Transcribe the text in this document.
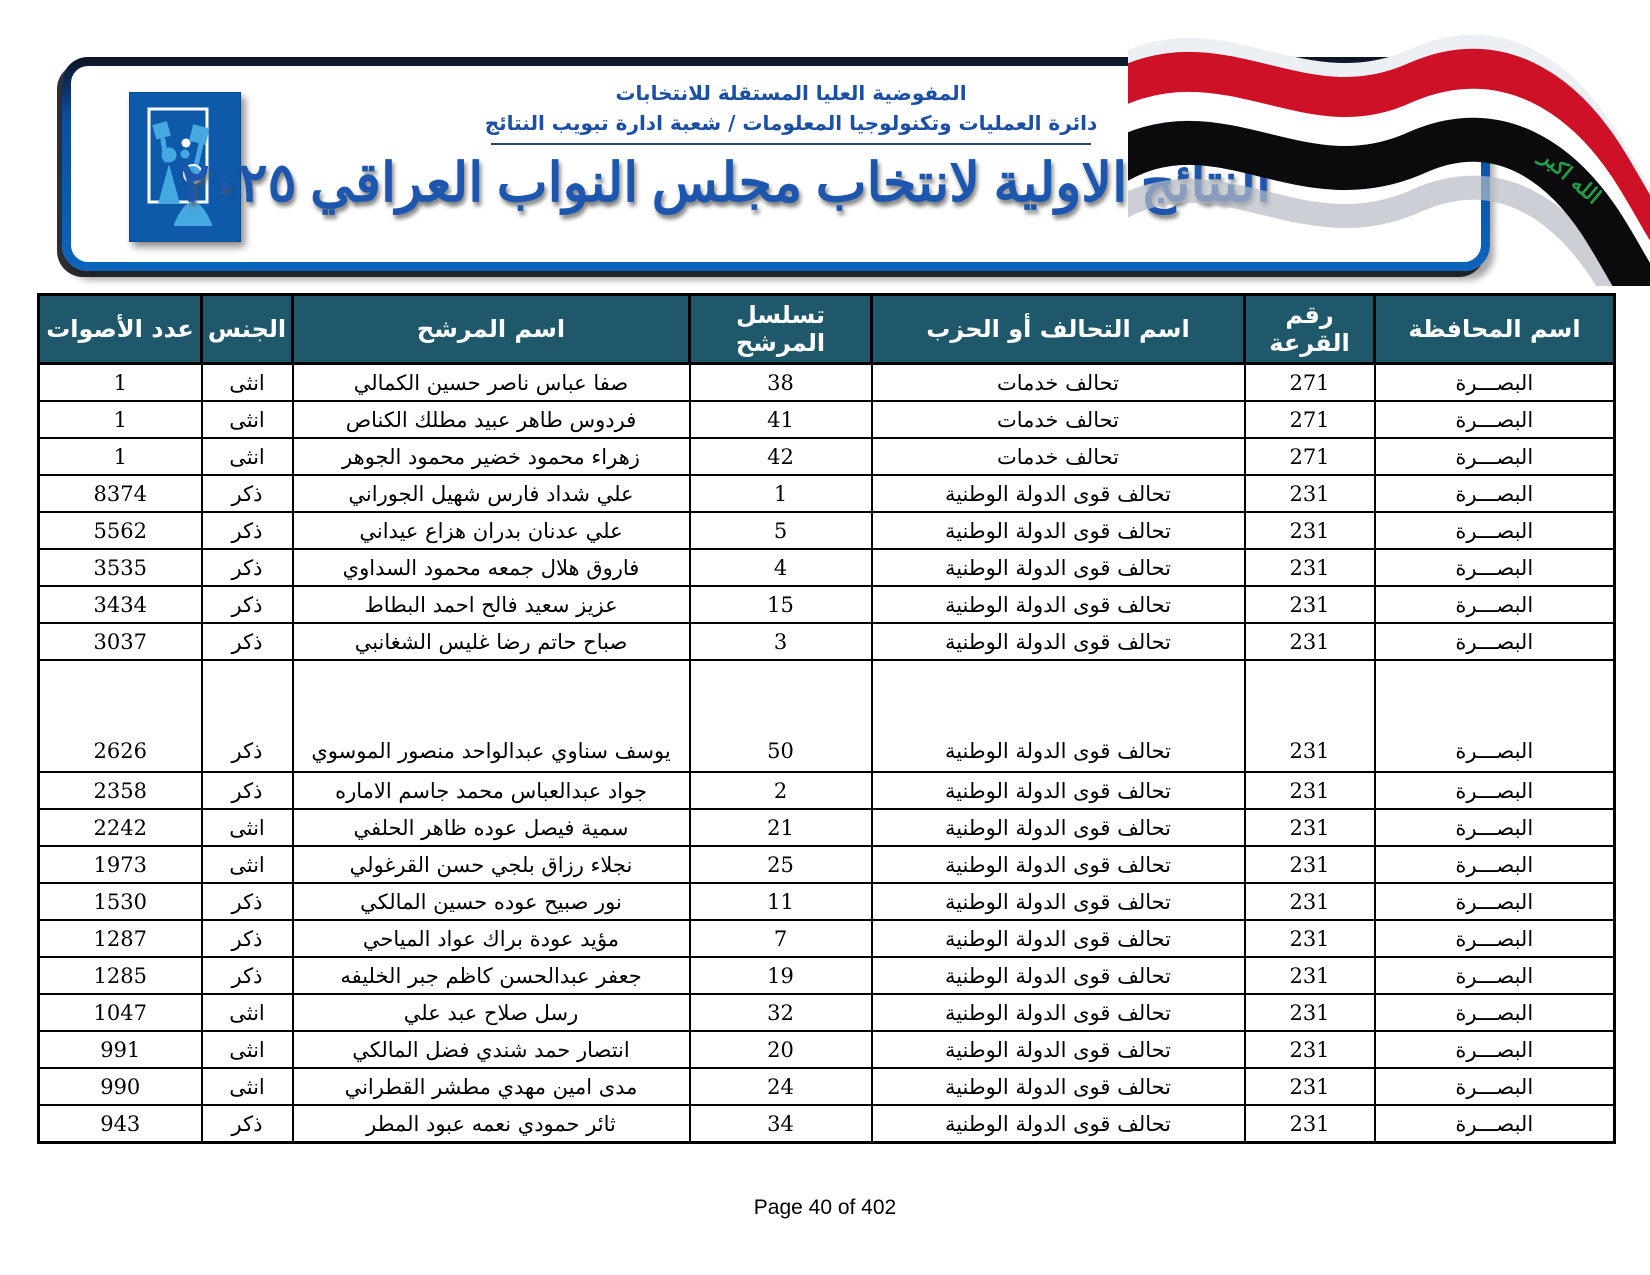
المفوضية العليا المستقلة للانتخابات
دائرة العمليات وتكنولوجيا المعلومات / شعبة ادارة تبويب النتائج
النتائج الاولية لانتخاب مجلس النواب العراقي ٢٠٢٥	الله اكبر
اسم المحافظة	رقم القرعة	اسم التحالف أو الحزب	تسلسل المرشح	اسم المرشح	الجنس	عدد الأصوات
البصـــرة	271	تحالف خدمات	38	صفا عباس ناصر حسين الكمالي	انثى	1
البصـــرة	271	تحالف خدمات	41	فردوس طاهر عبيد مطلك الكناص	انثى	1
البصـــرة	271	تحالف خدمات	42	زهراء محمود خضير محمود الجوهر	انثى	1
البصـــرة	231	تحالف قوى الدولة الوطنية	1	علي شداد فارس شهيل الجوراني	ذكر	8374
البصـــرة	231	تحالف قوى الدولة الوطنية	5	علي عدنان بدران هزاع عيداني	ذكر	5562
البصـــرة	231	تحالف قوى الدولة الوطنية	4	فاروق هلال جمعه محمود السداوي	ذكر	3535
البصـــرة	231	تحالف قوى الدولة الوطنية	15	عزيز سعيد فالح احمد البطاط	ذكر	3434
البصـــرة	231	تحالف قوى الدولة الوطنية	3	صباح حاتم رضا غليس الشغانبي	ذكر	3037
البصـــرة	231	تحالف قوى الدولة الوطنية	50	يوسف سناوي عبدالواحد منصور الموسوي	ذكر	2626
البصـــرة	231	تحالف قوى الدولة الوطنية	2	جواد عبدالعباس محمد جاسم الاماره	ذكر	2358
البصـــرة	231	تحالف قوى الدولة الوطنية	21	سمية فيصل عوده ظاهر الحلفي	انثى	2242
البصـــرة	231	تحالف قوى الدولة الوطنية	25	نجلاء رزاق بلجي حسن القرغولي	انثى	1973
البصـــرة	231	تحالف قوى الدولة الوطنية	11	نور صبيح عوده حسين المالكي	ذكر	1530
البصـــرة	231	تحالف قوى الدولة الوطنية	7	مؤيد عودة براك عواد المياحي	ذكر	1287
البصـــرة	231	تحالف قوى الدولة الوطنية	19	جعفر عبدالحسن كاظم جبر الخليفه	ذكر	1285
البصـــرة	231	تحالف قوى الدولة الوطنية	32	رسل صلاح عبد علي	انثى	1047
البصـــرة	231	تحالف قوى الدولة الوطنية	20	انتصار حمد شندي فضل المالكي	انثى	991
البصـــرة	231	تحالف قوى الدولة الوطنية	24	مدى امين مهدي مطشر القطراني	انثى	990
البصـــرة	231	تحالف قوى الدولة الوطنية	34	ثائر حمودي نعمه عبود المطر	ذكر	943
Page 40 of 402
